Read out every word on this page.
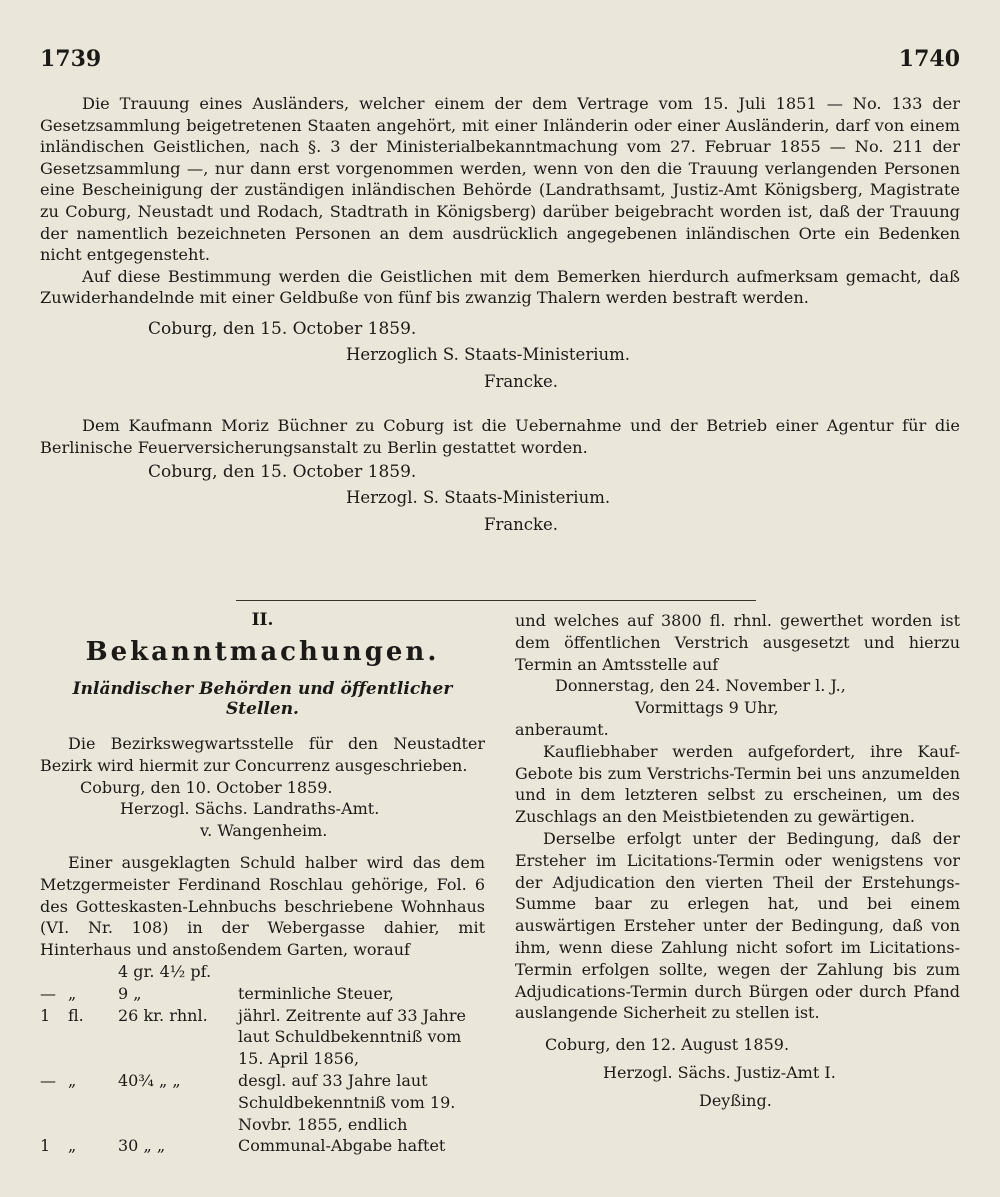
1739	1740

Die Trauung eines Ausländers, welcher einem der dem Vertrage vom 15. Juli 1851 — No. 133 der Gesetzsammlung beigetretenen Staaten angehört, mit einer Inländerin oder einer Ausländerin, darf von einem inländischen Geistlichen, nach §. 3 der Ministerialbekanntmachung vom 27. Februar 1855 — No. 211 der Gesetzsammlung —, nur dann erst vorgenommen werden, wenn von den die Trauung verlangenden Personen eine Bescheinigung der zuständigen inländischen Behörde (Landrathsamt, Justiz-Amt Königsberg, Magistrate zu Coburg, Neustadt und Rodach, Stadtrath in Königsberg) darüber beigebracht worden ist, daß der Trauung der namentlich bezeichneten Personen an dem ausdrücklich angegebenen inländischen Orte ein Bedenken nicht entgegensteht.

Auf diese Bestimmung werden die Geistlichen mit dem Bemerken hierdurch aufmerksam gemacht, daß Zuwiderhandelnde mit einer Geldbuße von fünf bis zwanzig Thalern werden bestraft werden.

Coburg, den 15. October 1859.
Herzoglich S. Staats-Ministerium.
Francke.

Dem Kaufmann Moriz Büchner zu Coburg ist die Uebernahme und der Betrieb einer Agentur für die Berlinische Feuerversicherungsanstalt zu Berlin gestattet worden.

Coburg, den 15. October 1859.
Herzogl. S. Staats-Ministerium.
Francke.
II.
Bekanntmachungen.
Inländischer Behörden und öffentlicher Stellen.

Die Bezirkswegwartsstelle für den Neustadter Bezirk wird hiermit zur Concurrenz ausgeschrieben.

Coburg, den 10. October 1859.
Herzogl. Sächs. Landraths-Amt.
v. Wangenheim.

Einer ausgeklagten Schuld halber wird das dem Metzgermeister Ferdinand Roschlau gehörige, Fol. 6 des Gotteskasten-Lehnbuchs beschriebene Wohnhaus (VI. Nr. 108) in der Webergasse dahier, mit Hinterhaus und anstoßendem Garten, worauf

4 gr. 4½ pf.
— „	9 „	terminliche Steuer,
1	fl.	26 kr. rhnl.	jährl. Zeitrente auf 33 Jahre laut Schuldbekenntniß vom 15. April 1856,
— „	40¾ „ „	desgl. auf 33 Jahre laut Schuldbekenntniß vom 19. Novbr. 1855, endlich
1	„	30 „ „	Communal-Abgabe haftet

und welches auf 3800 fl. rhnl. gewerthet worden ist dem öffentlichen Verstrich ausgesetzt und hierzu Termin an Amtsstelle auf

Donnerstag, den 24. November l. J.,
Vormittags 9 Uhr,
anberaumt.

Kaufliebhaber werden aufgefordert, ihre Kauf-Gebote bis zum Verstrichs-Termin bei uns anzumelden und in dem letzteren selbst zu erscheinen, um des Zuschlags an den Meistbietenden zu gewärtigen.

Derselbe erfolgt unter der Bedingung, daß der Ersteher im Licitations-Termin oder wenigstens vor der Adjudication den vierten Theil der Erstehungs-Summe baar zu erlegen hat, und bei einem auswärtigen Ersteher unter der Bedingung, daß von ihm, wenn diese Zahlung nicht sofort im Licitations-Termin erfolgen sollte, wegen der Zahlung bis zum Adjudications-Termin durch Bürgen oder durch Pfand auslangende Sicherheit zu stellen ist.

Coburg, den 12. August 1859.
Herzogl. Sächs. Justiz-Amt I.
Deyßing.
